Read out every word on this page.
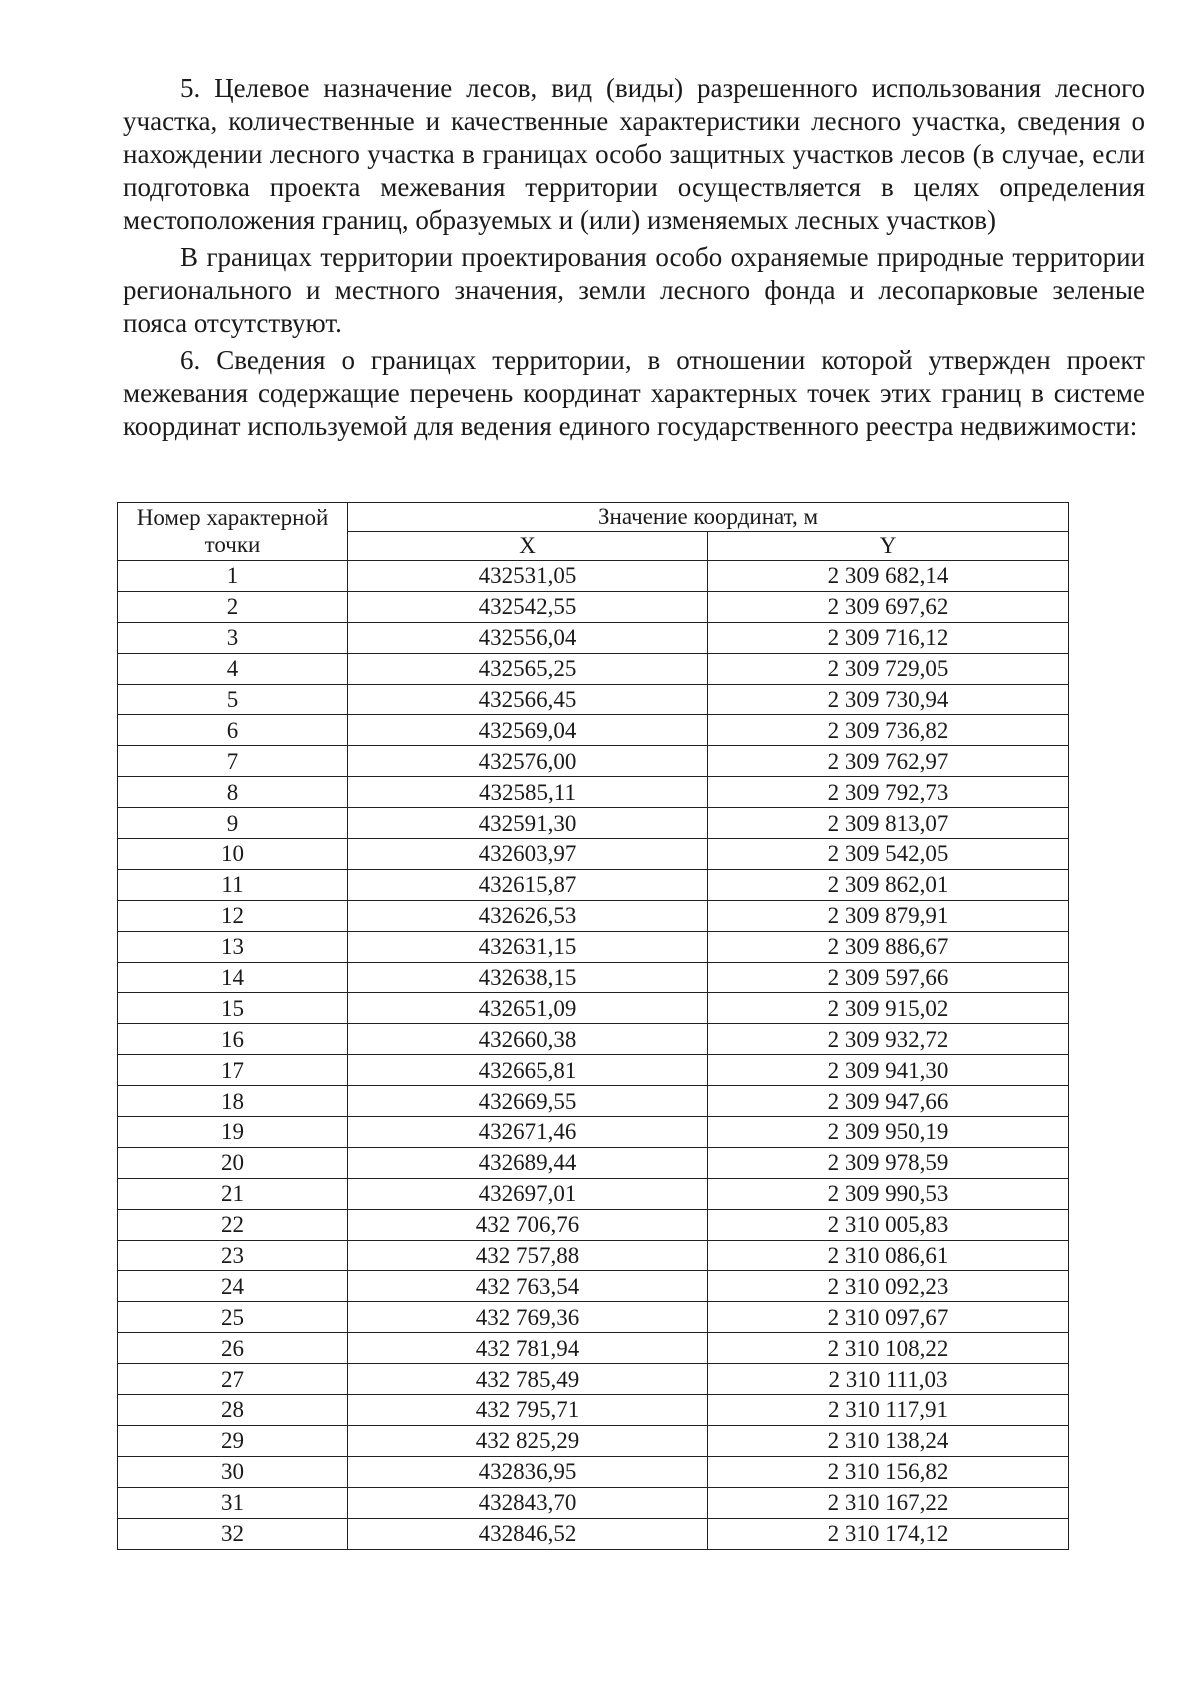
5. Целевое назначение лесов, вид (виды) разрешенного использования лесного участка, количественные и качественные характеристики лесного участка, сведения о нахождении лесного участка в границах особо защитных участков лесов (в случае, если подготовка проекта межевания территории осуществляется в целях определения местоположения границ, образуемых и (или) изменяемых лесных участков)

В границах территории проектирования особо охраняемые природные территории регионального и местного значения, земли лесного фонда и лесопарковые зеленые пояса отсутствуют.

6. Сведения о границах территории, в отношении которой утвержден проект межевания содержащие перечень координат характерных точек этих границ в системе координат используемой для ведения единого государственного реестра недвижимости:

Номер характерной точки	Значение координат, м	
	X	Y
1	432531,05	2 309 682,14
2	432542,55	2 309 697,62
3	432556,04	2 309 716,12
4	432565,25	2 309 729,05
5	432566,45	2 309 730,94
6	432569,04	2 309 736,82
7	432576,00	2 309 762,97
8	432585,11	2 309 792,73
9	432591,30	2 309 813,07
10	432603,97	2 309 542,05
11	432615,87	2 309 862,01
12	432626,53	2 309 879,91
13	432631,15	2 309 886,67
14	432638,15	2 309 597,66
15	432651,09	2 309 915,02
16	432660,38	2 309 932,72
17	432665,81	2 309 941,30
18	432669,55	2 309 947,66
19	432671,46	2 309 950,19
20	432689,44	2 309 978,59
21	432697,01	2 309 990,53
22	432 706,76	2 310 005,83
23	432 757,88	2 310 086,61
24	432 763,54	2 310 092,23
25	432 769,36	2 310 097,67
26	432 781,94	2 310 108,22
27	432 785,49	2 310 111,03
28	432 795,71	2 310 117,91
29	432 825,29	2 310 138,24
30	432836,95	2 310 156,82
31	432843,70	2 310 167,22
32	432846,52	2 310 174,12
